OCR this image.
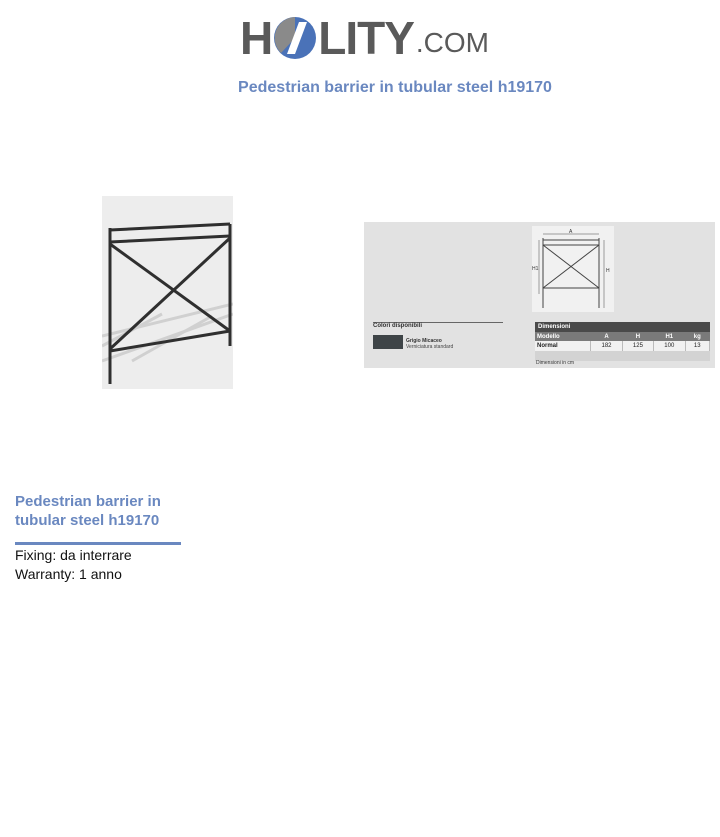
H LITY .COM
Pedestrian barrier in tubular steel h19170
A
H1	H
Colori disponibili
Grigio Micaceo
Verniciatura standard
Dimensioni				
Modello	A	H	H1	kg
Normal	182	125	100	13

Dimensioni in cm
Pedestrian barrier in tubular steel h19170
Fixing: da interrare
Warranty: 1 anno
